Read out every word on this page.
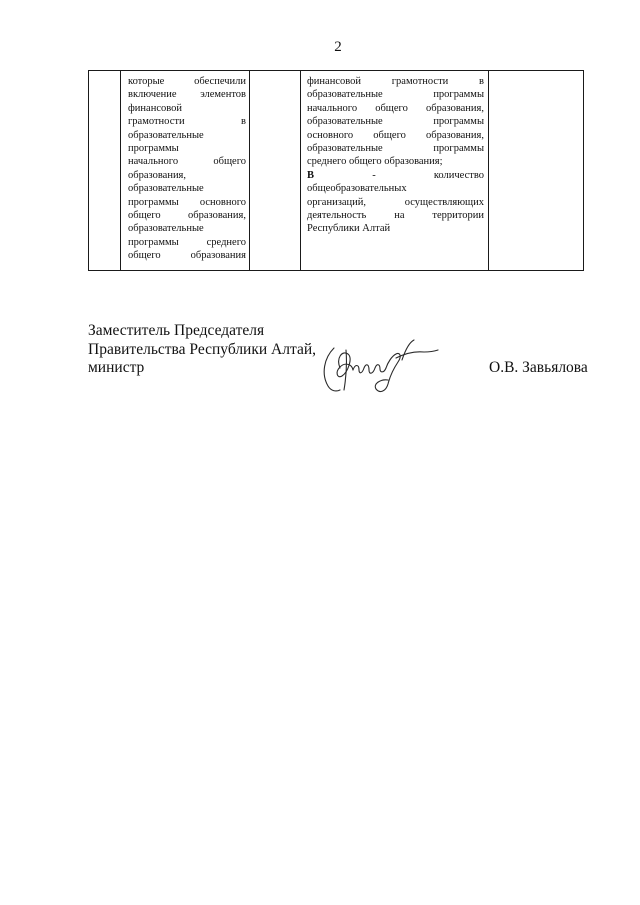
2

которые обеспечили
включение элементов
финансовой
грамотности в
образовательные
программы
начального общего
образования,
образовательные
программы основного
общего образования,
образовательные
программы среднего
общего образования

финансовой грамотности в
образовательные программы
начального общего образования,
образовательные программы
основного общего образования,
образовательные программы
среднего общего образования;
В	-	количество
общеобразовательных
организаций, осуществляющих
деятельность на территории
Республики Алтай

Заместитель Председателя
Правительства Республики Алтай,
министр	О.В. Завьялова
